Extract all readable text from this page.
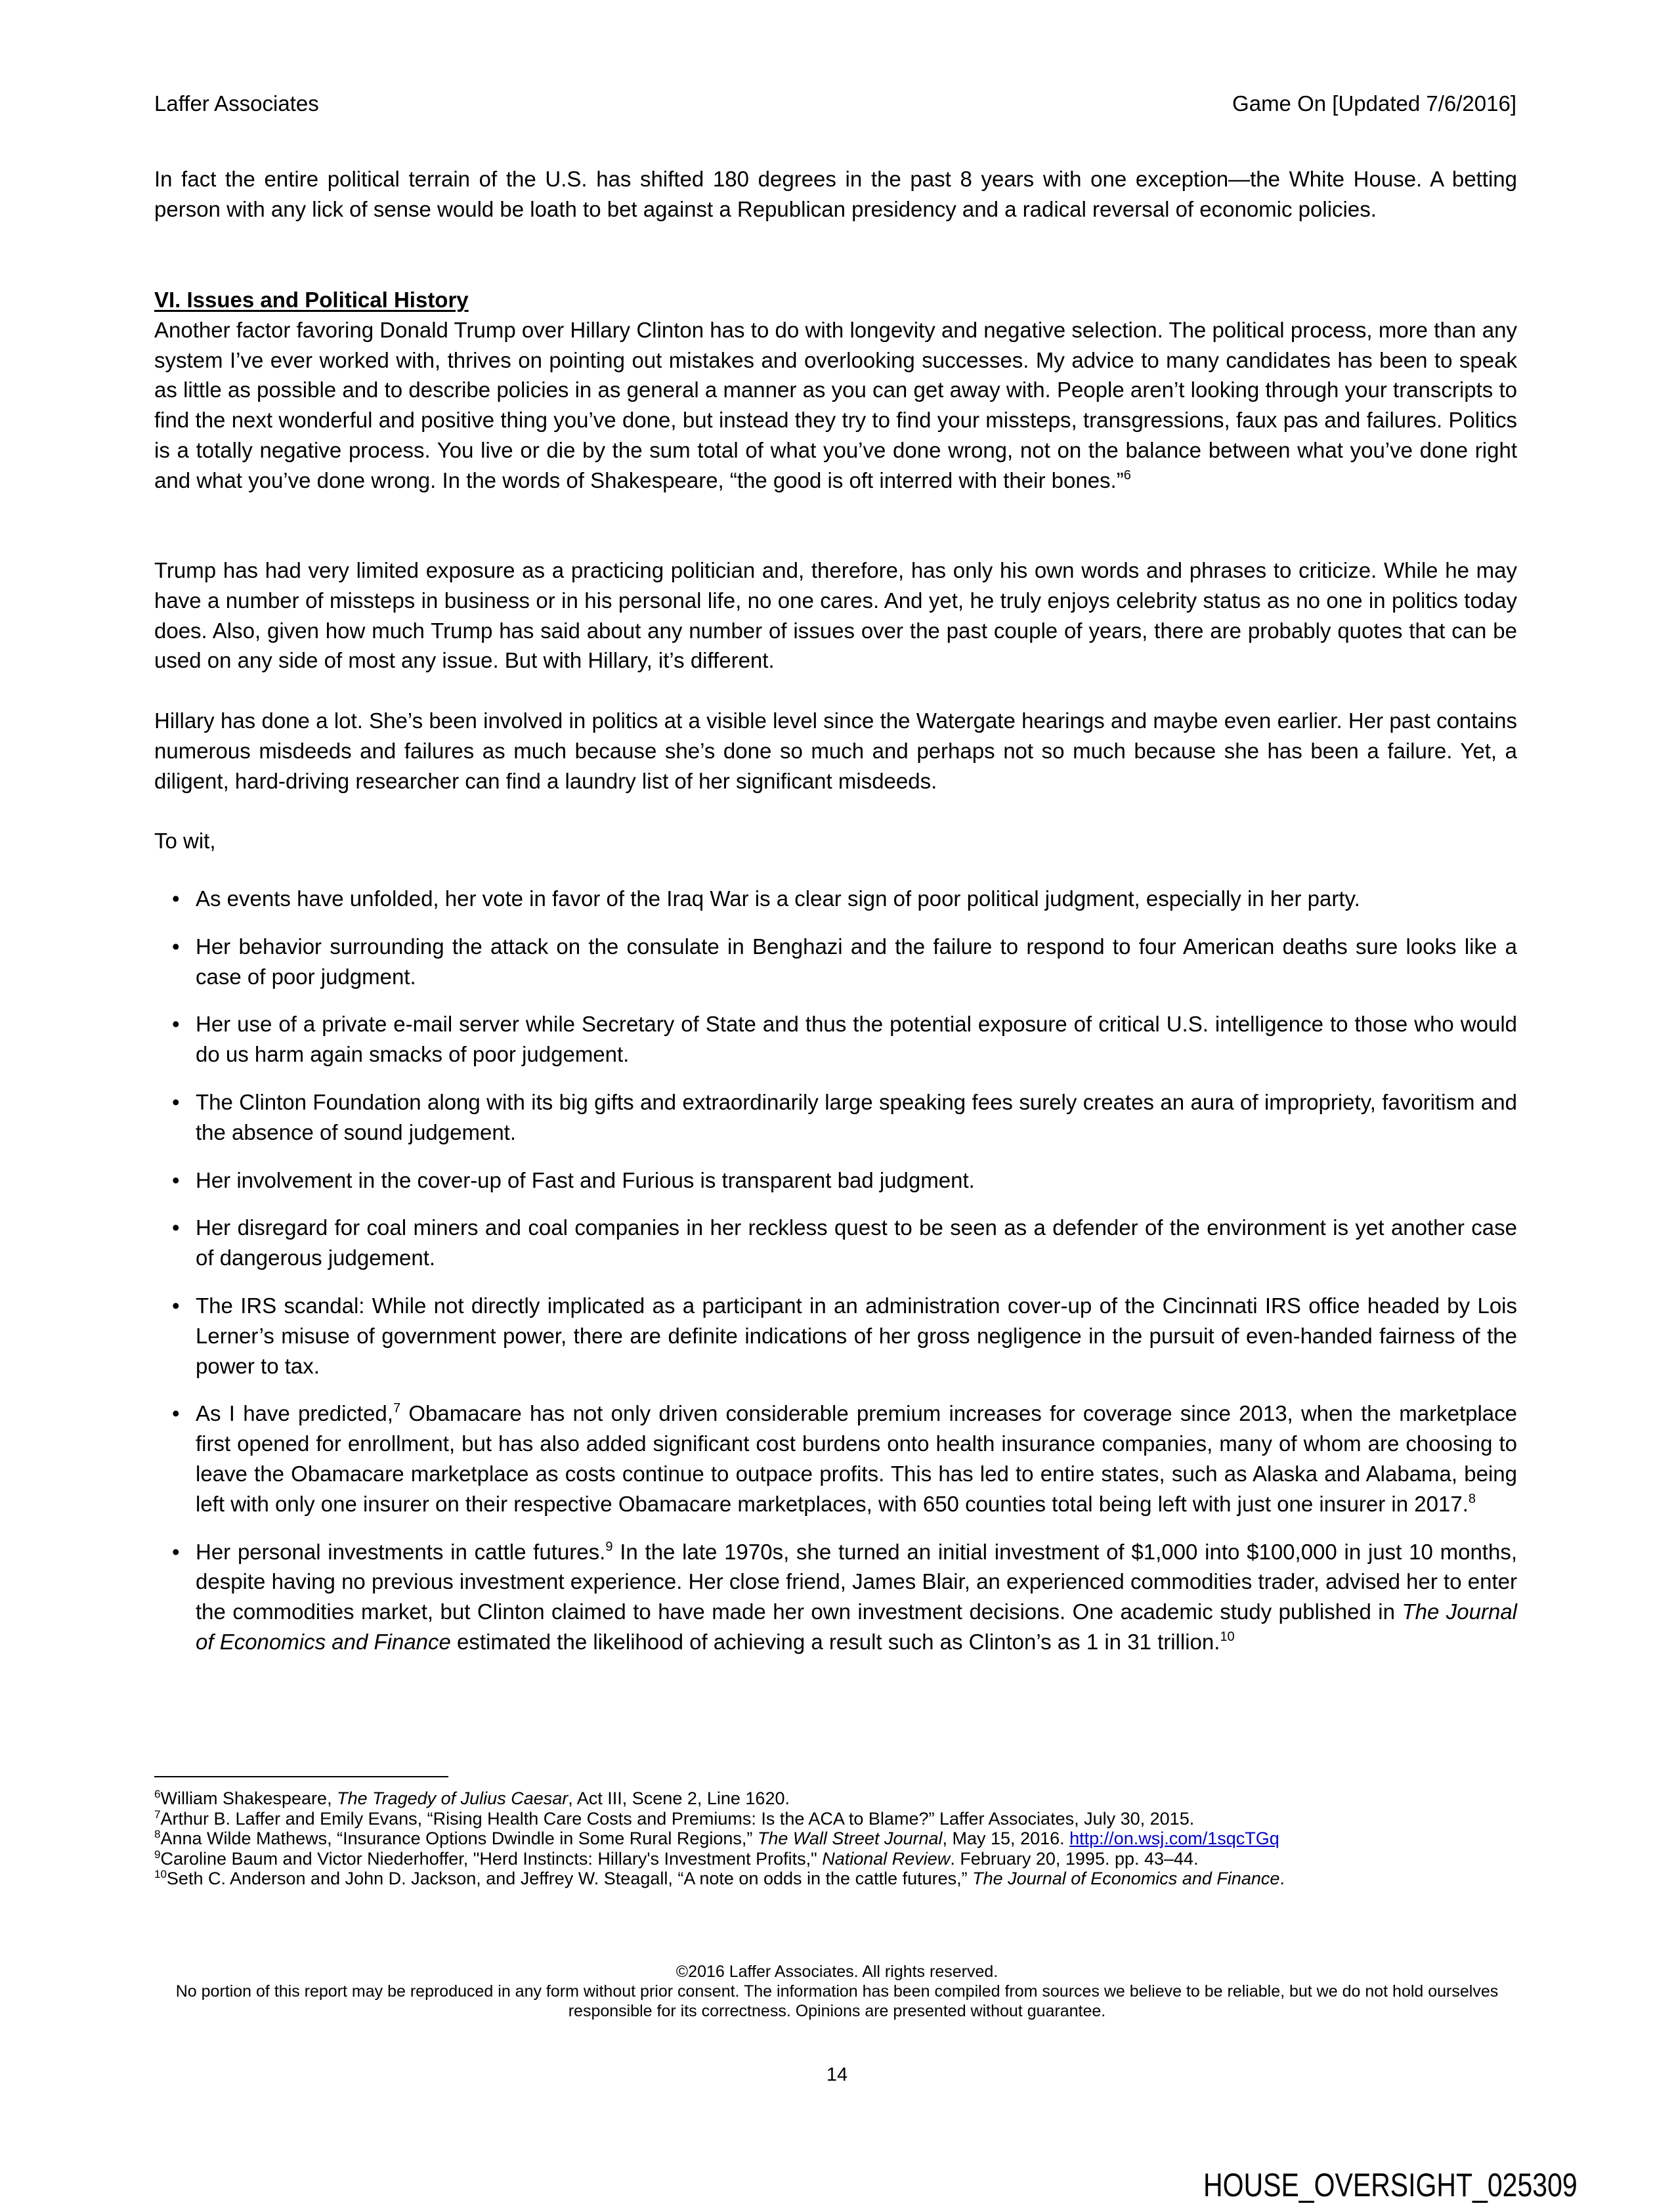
Laffer Associates	Game On [Updated 7/6/2016]

In fact the entire political terrain of the U.S. has shifted 180 degrees in the past 8 years with one exception—the White House. A betting person with any lick of sense would be loath to bet against a Republican presidency and a radical reversal of economic policies.

VI. Issues and Political History

Another factor favoring Donald Trump over Hillary Clinton has to do with longevity and negative selection. The political process, more than any system I’ve ever worked with, thrives on pointing out mistakes and overlooking successes. My advice to many candidates has been to speak as little as possible and to describe policies in as general a manner as you can get away with. People aren’t looking through your transcripts to find the next wonderful and positive thing you’ve done, but instead they try to find your missteps, transgressions, faux pas and failures. Politics is a totally negative process. You live or die by the sum total of what you’ve done wrong, not on the balance between what you’ve done right and what you’ve done wrong. In the words of Shakespeare, “the good is oft interred with their bones.”$^6$

Trump has had very limited exposure as a practicing politician and, therefore, has only his own words and phrases to criticize. While he may have a number of missteps in business or in his personal life, no one cares. And yet, he truly enjoys celebrity status as no one in politics today does. Also, given how much Trump has said about any number of issues over the past couple of years, there are probably quotes that can be used on any side of most any issue. But with Hillary, it’s different.

Hillary has done a lot. She’s been involved in politics at a visible level since the Watergate hearings and maybe even earlier. Her past contains numerous misdeeds and failures as much because she’s done so much and perhaps not so much because she has been a failure. Yet, a diligent, hard-driving researcher can find a laundry list of her significant misdeeds.

To wit,

• As events have unfolded, her vote in favor of the Iraq War is a clear sign of poor political judgment, especially in her party.
• Her behavior surrounding the attack on the consulate in Benghazi and the failure to respond to four American deaths sure looks like a case of poor judgment.
• Her use of a private e-mail server while Secretary of State and thus the potential exposure of critical U.S. intelligence to those who would do us harm again smacks of poor judgement.
• The Clinton Foundation along with its big gifts and extraordinarily large speaking fees surely creates an aura of impropriety, favoritism and the absence of sound judgement.
• Her involvement in the cover-up of Fast and Furious is transparent bad judgment.
• Her disregard for coal miners and coal companies in her reckless quest to be seen as a defender of the environment is yet another case of dangerous judgement.
• The IRS scandal: While not directly implicated as a participant in an administration cover-up of the Cincinnati IRS office headed by Lois Lerner’s misuse of government power, there are definite indications of her gross negligence in the pursuit of even-handed fairness of the power to tax.
• As I have predicted,$^7$ Obamacare has not only driven considerable premium increases for coverage since 2013, when the marketplace first opened for enrollment, but has also added significant cost burdens onto health insurance companies, many of whom are choosing to leave the Obamacare marketplace as costs continue to outpace profits. This has led to entire states, such as Alaska and Alabama, being left with only one insurer on their respective Obamacare marketplaces, with 650 counties total being left with just one insurer in 2017.$^8$
• Her personal investments in cattle futures.$^9$ In the late 1970s, she turned an initial investment of $1,000 into $100,000 in just 10 months, despite having no previous investment experience. Her close friend, James Blair, an experienced commodities trader, advised her to enter the commodities market, but Clinton claimed to have made her own investment decisions. One academic study published in The Journal of Economics and Finance estimated the likelihood of achieving a result such as Clinton’s as 1 in 31 trillion.$^{10}$
$^6$William Shakespeare, The Tragedy of Julius Caesar, Act III, Scene 2, Line 1620.
$^7$Arthur B. Laffer and Emily Evans, “Rising Health Care Costs and Premiums: Is the ACA to Blame?” Laffer Associates, July 30, 2015.
$^8$Anna Wilde Mathews, “Insurance Options Dwindle in Some Rural Regions,” The Wall Street Journal, May 15, 2016. http://on.wsj.com/1sqcTGq
$^9$Caroline Baum and Victor Niederhoffer, "Herd Instincts: Hillary's Investment Profits," National Review. February 20, 1995. pp. 43–44.
$^{10}$Seth C. Anderson and John D. Jackson, and Jeffrey W. Steagall, “A note on odds in the cattle futures,” The Journal of Economics and Finance.
©2016 Laffer Associates. All rights reserved.
No portion of this report may be reproduced in any form without prior consent. The information has been compiled from sources we believe to be reliable, but we do not hold ourselves responsible for its correctness. Opinions are presented without guarantee.
14
HOUSE_OVERSIGHT_025309
